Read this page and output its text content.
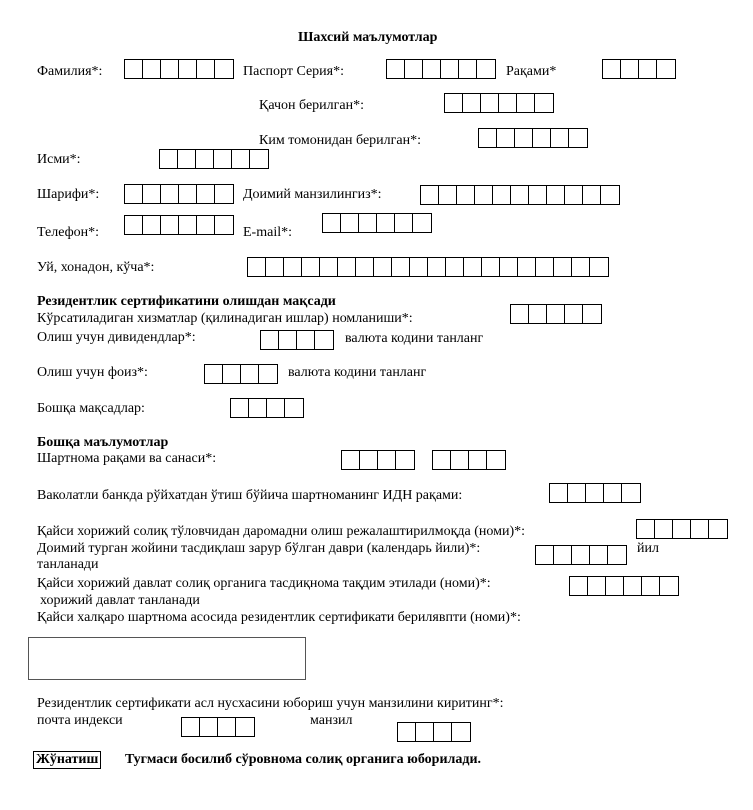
Шахсий маълумотлар
Фамилия*:	Паспорт Серия*:	Рақами*
Қачон берилган*:
Ким томонидан берилган*:
Исми*:
Шарифи*:	Доимий манзилингиз*:
Телефон*:	E-mail*:
Уй, хонадон, кўча*:
Резидентлик сертификатини олишдан мақсади
Кўрсатиладиган хизматлар (қилинадиган ишлар) номланиши*:
Олиш учун дивидендлар*:	валюта кодини танланг
Олиш учун фоиз*:	валюта кодини танланг
Бошқа мақсадлар:
Бошқа маълумотлар
Шартнома рақами ва санаси*:
Ваколатли банкда рўйхатдан ўтиш бўйича шартноманинг ИДН рақами:
Қайси хорижий солиқ тўловчидан даромадни олиш режалаштирилмоқда (номи)*:
Доимий турган жойини тасдиқлаш зарур бўлган даври (календарь йили)*:	йил
танланади
Қайси хорижий давлат солиқ органига тасдиқнома тақдим этилади (номи)*:
хорижий давлат танланади
Қайси халқаро шартнома асосида резидентлик сертификати берилявпти (номи)*:
Резидентлик сертификати асл нусхасини юбориш учун манзилини киритинг*:
почта индекси	манзил
Жўнатиш Тугмаси босилиб сўровнома солиқ органига юборилади.
